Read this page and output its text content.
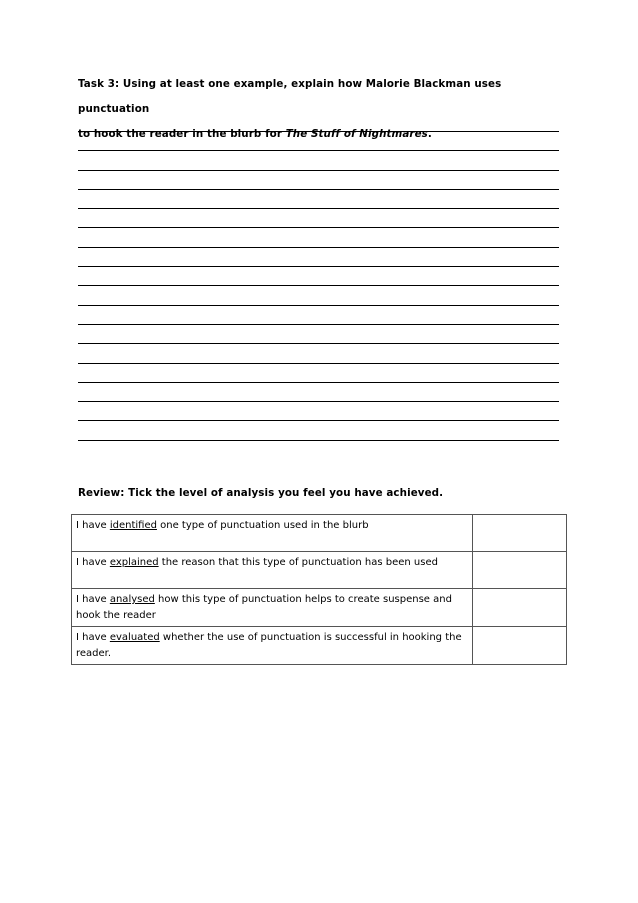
Task 3: Using at least one example, explain how Malorie Blackman uses punctuation
to hook the reader in the blurb for The Stuff of Nightmares.
Review: Tick the level of analysis you feel you have achieved.
I have identified one type of punctuation used in the blurb	
I have explained the reason that this type of punctuation has been used	
I have analysed how this type of punctuation helps to create suspense and hook the reader	
I have evaluated whether the use of punctuation is successful in hooking the reader.	
